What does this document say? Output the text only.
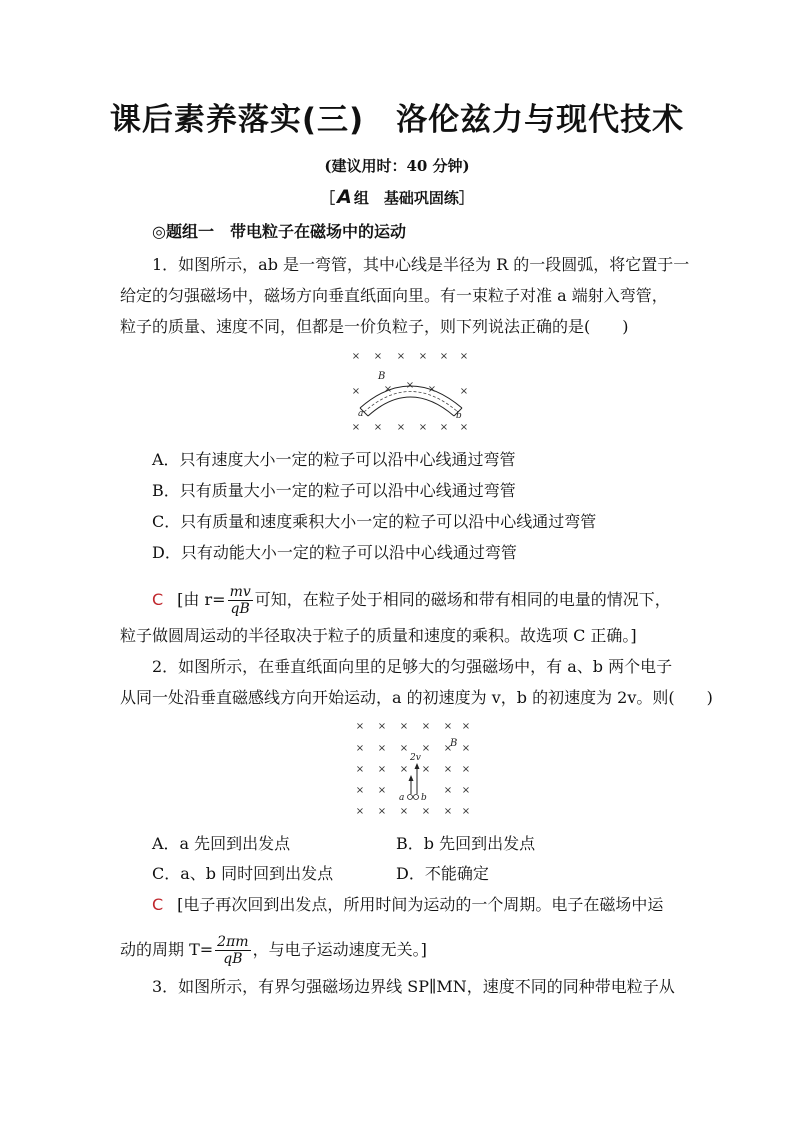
课后素养落实(三)　洛伦兹力与现代技术
(建议用时：40 分钟)
［ A 组　基础巩固练］
◎题组一　带电粒子在磁场中的运动
1．如图所示，ab 是一弯管，其中心线是半径为 R 的一段圆弧，将它置于一
给定的匀强磁场中，磁场方向垂直纸面向里。有一束粒子对准 a 端射入弯管，
粒子的质量、速度不同，但都是一价负粒子，则下列说法正确的是(　　)
× × × × × ×
×	×
× × × × × ×
× × ×
B
a	b
A．只有速度大小一定的粒子可以沿中心线通过弯管
B．只有质量大小一定的粒子可以沿中心线通过弯管
C．只有质量和速度乘积大小一定的粒子可以沿中心线通过弯管
D．只有动能大小一定的粒子可以沿中心线通过弯管
C [由 $r= \frac{mv}{qB}$ 可知，在粒子处于相同的磁场和带有相同的电量的情况下，
粒子做圆周运动的半径取决于粒子的质量和速度的乘积。故选项 C 正确。]
2．如图所示，在垂直纸面向里的足够大的匀强磁场中，有 a、b 两个电子
从同一处沿垂直磁感线方向开始运动，a 的初速度为 v，b 的初速度为 2v。则(　　)
× × × × × ×
× × × × × ×
× × × × × ×
× ×	× ×
× × × × × ×
2v
B
a b
A．a 先回到出发点	B．b 先回到出发点
C．a、b 同时回到出发点	D．不能确定
C [电子再次回到出发点，所用时间为运动的一个周期。电子在磁场中运
动的周期 $T= \frac{2\pi m}{qB}$ ，与电子运动速度无关。]
3．如图所示，有界匀强磁场边界线 SP∥MN，速度不同的同种带电粒子从
